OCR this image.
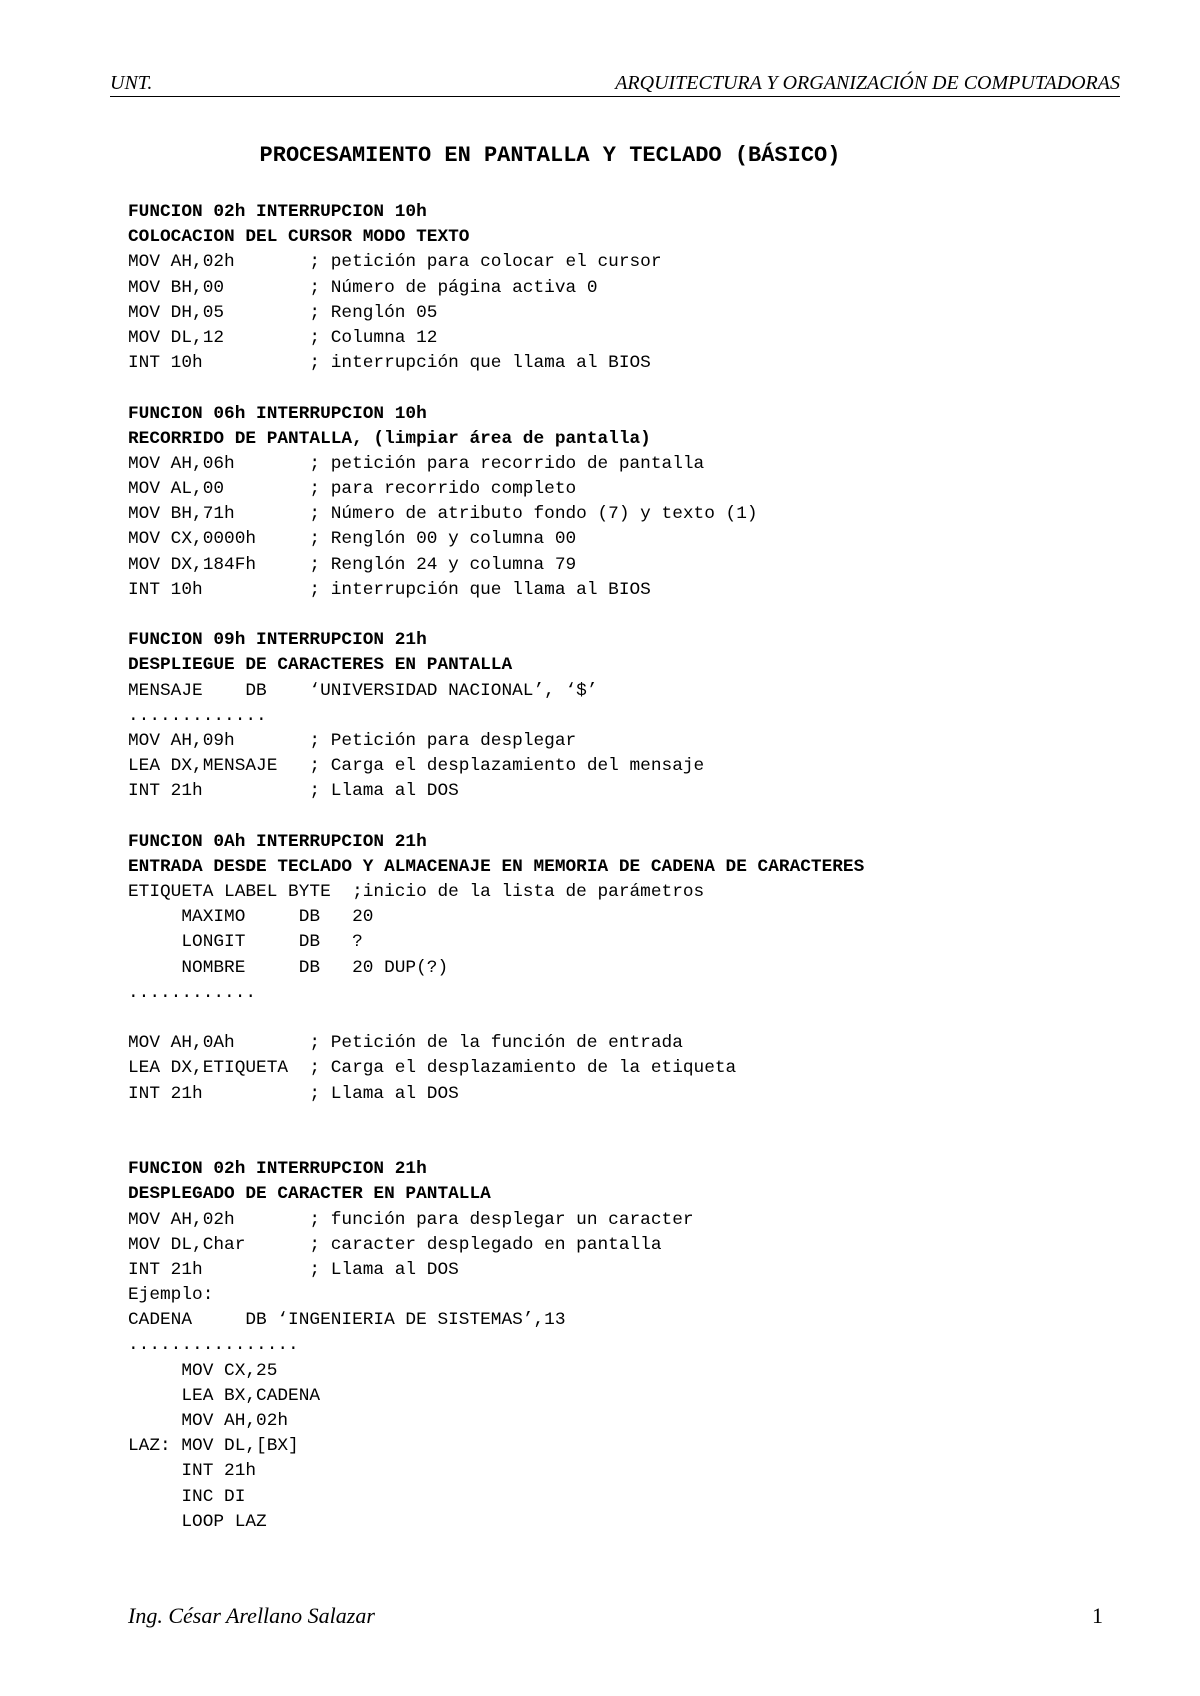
UNT.	ARQUITECTURA Y ORGANIZACIÓN DE COMPUTADORAS
PROCESAMIENTO EN PANTALLA Y TECLADO (BÁSICO)
FUNCION 02h INTERRUPCION 10h
COLOCACION DEL CURSOR MODO TEXTO
MOV AH,02h       ; petición para colocar el cursor
MOV BH,00        ; Número de página activa 0
MOV DH,05        ; Renglón 05
MOV DL,12        ; Columna 12
INT 10h          ; interrupción que llama al BIOS
FUNCION 06h INTERRUPCION 10h
RECORRIDO DE PANTALLA, (limpiar área de pantalla)
MOV AH,06h       ; petición para recorrido de pantalla
MOV AL,00        ; para recorrido completo
MOV BH,71h       ; Número de atributo fondo (7) y texto (1)
MOV CX,0000h     ; Renglón 00 y columna 00
MOV DX,184Fh     ; Renglón 24 y columna 79
INT 10h          ; interrupción que llama al BIOS
FUNCION 09h INTERRUPCION 21h
DESPLIEGUE DE CARACTERES EN PANTALLA
MENSAJE    DB    ‘UNIVERSIDAD NACIONAL’, ‘$’
.............
MOV AH,09h       ; Petición para desplegar
LEA DX,MENSAJE   ; Carga el desplazamiento del mensaje
INT 21h          ; Llama al DOS
FUNCION 0Ah INTERRUPCION 21h
ENTRADA DESDE TECLADO Y ALMACENAJE EN MEMORIA DE CADENA DE CARACTERES
ETIQUETA LABEL BYTE  ;inicio de la lista de parámetros
MAXIMO     DB   20
LONGIT     DB   ?
NOMBRE     DB   20 DUP(?)
............
MOV AH,0Ah       ; Petición de la función de entrada
LEA DX,ETIQUETA  ; Carga el desplazamiento de la etiqueta
INT 21h          ; Llama al DOS
FUNCION 02h INTERRUPCION 21h
DESPLEGADO DE CARACTER EN PANTALLA
MOV AH,02h       ; función para desplegar un caracter
MOV DL,Char      ; caracter desplegado en pantalla
INT 21h          ; Llama al DOS
Ejemplo:
CADENA     DB ‘INGENIERIA DE SISTEMAS’,13
................
MOV CX,25
LEA BX,CADENA
MOV AH,02h
LAZ: MOV DL,[BX]
INT 21h
INC DI
LOOP LAZ
Ing. César Arellano Salazar	1
